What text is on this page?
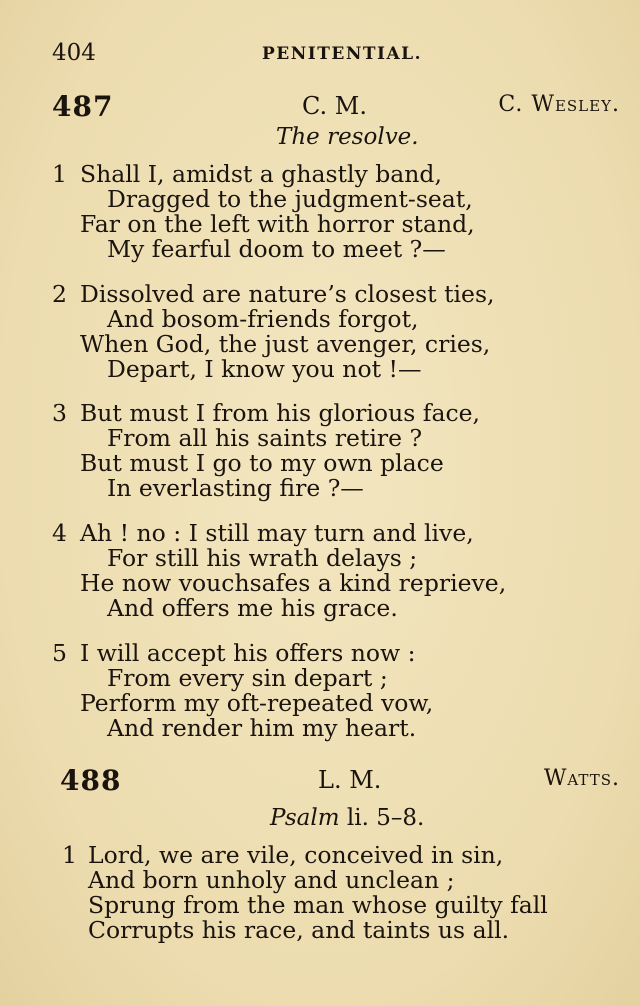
404	PENITENTIAL.
487	C. M.	C. Wesley.
The resolve.
1 Shall I, amidst a ghastly band,
Dragged to the judgment-seat,
Far on the left with horror stand,
My fearful doom to meet ?—
2 Dissolved are nature’s closest ties,
And bosom-friends forgot,
When God, the just avenger, cries,
Depart, I know you not !—
3 But must I from his glorious face,
From all his saints retire ?
But must I go to my own place
In everlasting fire ?—
4 Ah ! no : I still may turn and live,
For still his wrath delays ;
He now vouchsafes a kind reprieve,
And offers me his grace.
5 I will accept his offers now :
From every sin depart ;
Perform my oft-repeated vow,
And render him my heart.
488	L. M.	Watts.
Psalm li. 5–8.
1 Lord, we are vile, conceived in sin,
And born unholy and unclean ;
Sprung from the man whose guilty fall
Corrupts his race, and taints us all.
